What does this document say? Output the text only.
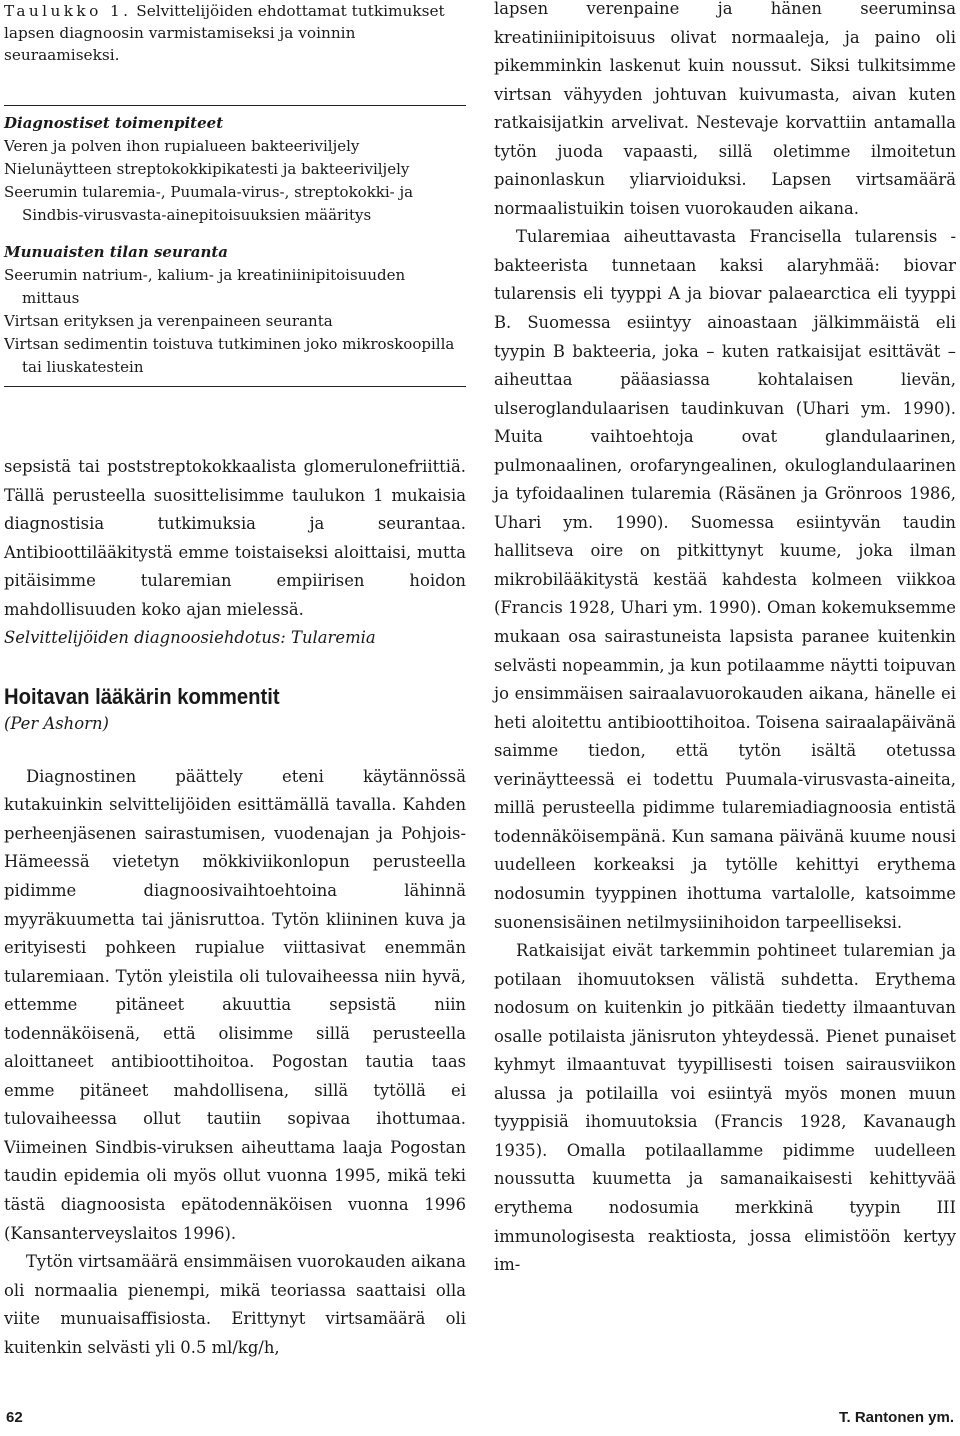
Taulukko 1. Selvittelijöiden ehdottamat tutkimukset
lapsen diagnoosin varmistamiseksi ja voinnin seuraamiseksi.
Diagnostiset toimenpiteet
Veren ja polven ihon rupialueen bakteeriviljely
Nielunäytteen streptokokkipikatesti ja bakteeriviljely
Seerumin tularemia-, Puumala-virus-, streptokokki- ja
Sindbis-virusvasta-ainepitoisuuksien määritys
Munuaisten tilan seuranta
Seerumin natrium-, kalium- ja kreatiniinipitoisuuden
mittaus
Virtsan erityksen ja verenpaineen seuranta
Virtsan sedimentin toistuva tutkiminen joko mikroskoopilla
tai liuskatestein

sepsistä tai poststreptokokkaalista glomerulonefriittiä. Tällä perusteella suosittelisimme taulukon 1 mukaisia diagnostisia tutkimuksia ja seurantaa. Antibioottilääkitystä emme toistaiseksi aloittaisi, mutta pitäisimme tularemian empiirisen hoidon mahdollisuuden koko ajan mielessä.

Selvittelijöiden diagnoosiehdotus: Tularemia
Hoitavan lääkärin kommentit
(Per Ashorn)

Diagnostinen päättely eteni käytännössä kutakuinkin selvittelijöiden esittämällä tavalla. Kahden perheenjäsenen sairastumisen, vuodenajan ja Pohjois-Hämeessä vietetyn mökkiviikonlopun perusteella pidimme diagnoosivaihtoehtoina lähinnä myyräkuumetta tai jänisruttoa. Tytön kliininen kuva ja erityisesti pohkeen rupialue viittasivat enemmän tularemiaan. Tytön yleistila oli tulovaiheessa niin hyvä, ettemme pitäneet akuuttia sepsistä niin todennäköisenä, että olisimme sillä perusteella aloittaneet antibioottihoitoa. Pogostan tautia taas emme pitäneet mahdollisena, sillä tytöllä ei tulovaiheessa ollut tautiin sopivaa ihottumaa. Viimeinen Sindbis-viruksen aiheuttama laaja Pogostan taudin epidemia oli myös ollut vuonna 1995, mikä teki tästä diagnoosista epätodennäköisen vuonna 1996 (Kansanterveyslaitos 1996).

Tytön virtsamäärä ensimmäisen vuorokauden aikana oli normaalia pienempi, mikä teoriassa saattaisi olla viite munuaisaffisiosta. Erittynyt virtsamäärä oli kuitenkin selvästi yli 0.5 ml/kg/h,

lapsen verenpaine ja hänen seeruminsa kreatiniinipitoisuus olivat normaaleja, ja paino oli pikemminkin laskenut kuin noussut. Siksi tulkitsimme virtsan vähyyden johtuvan kuivumasta, aivan kuten ratkaisijatkin arvelivat. Nestevaje korvattiin antamalla tytön juoda vapaasti, sillä oletimme ilmoitetun painonlaskun yliarvioiduksi. Lapsen virtsamäärä normaalistuikin toisen vuorokauden aikana.

Tularemiaa aiheuttavasta Francisella tularensis -bakteerista tunnetaan kaksi alaryhmää: biovar tularensis eli tyyppi A ja biovar palaearctica eli tyyppi B. Suomessa esiintyy ainoastaan jälkimmäistä eli tyypin B bakteeria, joka – kuten ratkaisijat esittävät – aiheuttaa pääasiassa kohtalaisen lievän, ulseroglandulaarisen taudinkuvan (Uhari ym. 1990). Muita vaihtoehtoja ovat glandulaarinen, pulmonaalinen, orofaryngealinen, okuloglandulaarinen ja tyfoidaalinen tularemia (Räsänen ja Grönroos 1986, Uhari ym. 1990). Suomessa esiintyvän taudin hallitseva oire on pitkittynyt kuume, joka ilman mikrobilääkitystä kestää kahdesta kolmeen viikkoa (Francis 1928, Uhari ym. 1990). Oman kokemuksemme mukaan osa sairastuneista lapsista paranee kuitenkin selvästi nopeammin, ja kun potilaamme näytti toipuvan jo ensimmäisen sairaalavuorokauden aikana, hänelle ei heti aloitettu antibioottihoitoa. Toisena sairaalapäivänä saimme tiedon, että tytön isältä otetussa verinäytteessä ei todettu Puumala-virusvasta-aineita, millä perusteella pidimme tularemiadiagnoosia entistä todennäköisempänä. Kun samana päivänä kuume nousi uudelleen korkeaksi ja tytölle kehittyi erythema nodosumin tyyppinen ihottuma vartalolle, katsoimme suonensisäinen netilmysiinihoidon tarpeelliseksi.

Ratkaisijat eivät tarkemmin pohtineet tularemian ja potilaan ihomuutoksen välistä suhdetta. Erythema nodosum on kuitenkin jo pitkään tiedetty ilmaantuvan osalle potilaista jänisruton yhteydessä. Pienet punaiset kyhmyt ilmaantuvat tyypillisesti toisen sairausviikon alussa ja potilailla voi esiintyä myös monen muun tyyppisiä ihomuutoksia (Francis 1928, Kavanaugh 1935). Omalla potilaallamme pidimme uudelleen noussutta kuumetta ja samanaikaisesti kehittyvää erythema nodosumia merkkinä tyypin III immunologisesta reaktiosta, jossa elimistöön kertyy im-

62	T. Rantonen ym.
